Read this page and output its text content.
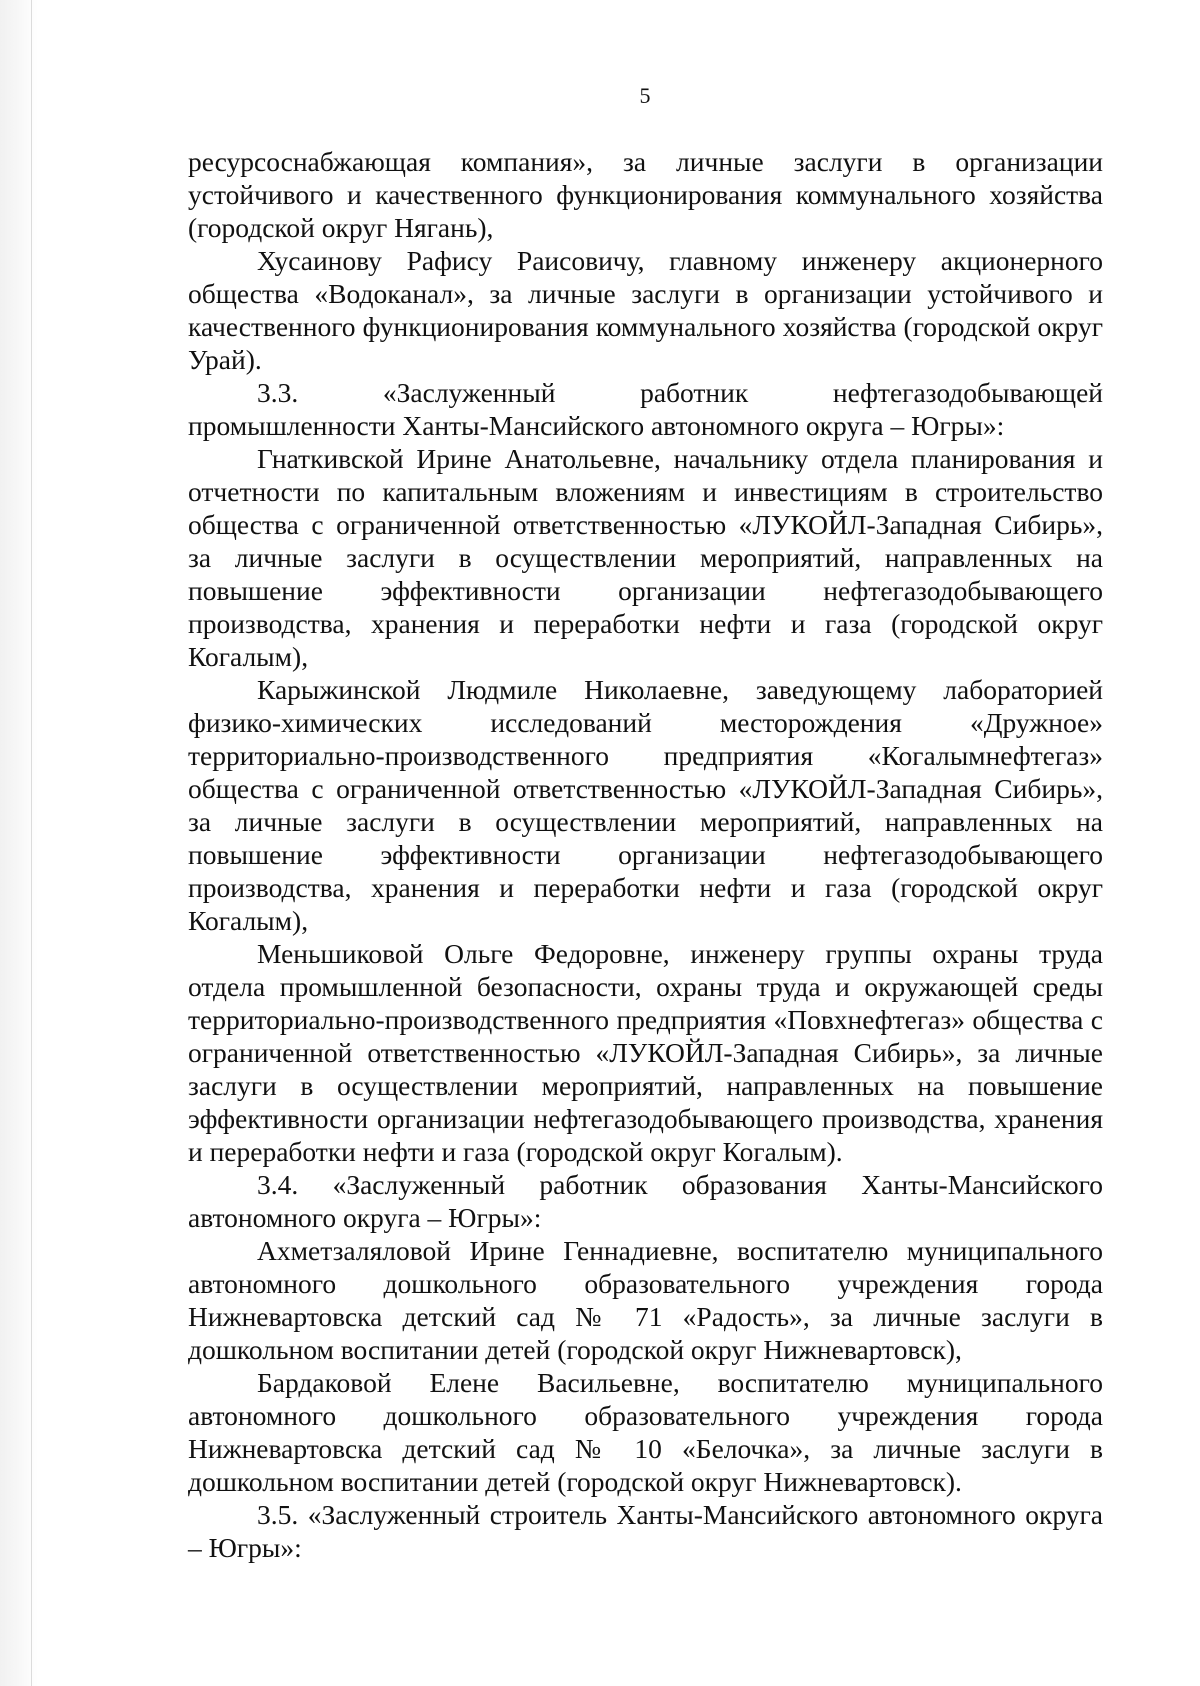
5

ресурсоснабжающая компания», за личные заслуги в организации устойчивого и качественного функционирования коммунального хозяйства (городской округ Нягань),

Хусаинову Рафису Раисовичу, главному инженеру акционерного общества «Водоканал», за личные заслуги в организации устойчивого и качественного функционирования коммунального хозяйства (городской округ Урай).

3.3.	«Заслуженный	работник	нефтегазодобывающей

промышленности Ханты-Мансийского автономного округа – Югры»:

Гнаткивской Ирине Анатольевне, начальнику отдела планирования и отчетности по капитальным вложениям и инвестициям в строительство общества с ограниченной ответственностью «ЛУКОЙЛ-Западная Сибирь», за личные заслуги в осуществлении мероприятий, направленных на повышение эффективности организации нефтегазодобывающего производства, хранения и переработки нефти и газа (городской округ Когалым),

Карыжинской Людмиле Николаевне, заведующему лабораторией физико-химических исследований месторождения «Дружное» территориально-производственного предприятия «Когалымнефтегаз» общества с ограниченной ответственностью «ЛУКОЙЛ-Западная Сибирь», за личные заслуги в осуществлении мероприятий, направленных на повышение эффективности организации нефтегазодобывающего производства, хранения и переработки нефти и газа (городской округ Когалым),

Меньшиковой Ольге Федоровне, инженеру группы охраны труда отдела промышленной безопасности, охраны труда и окружающей среды территориально-производственного предприятия «Повхнефтегаз» общества с ограниченной ответственностью «ЛУКОЙЛ-Западная Сибирь», за личные заслуги в осуществлении мероприятий, направленных на повышение эффективности организации нефтегазодобывающего производства, хранения и переработки нефти и газа (городской округ Когалым).

3.4. «Заслуженный работник образования Ханты-Мансийского автономного округа – Югры»:

Ахметзаляловой Ирине Геннадиевне, воспитателю муниципального автономного дошкольного образовательного учреждения города Нижневартовска детский сад № 71 «Радость», за личные заслуги в дошкольном воспитании детей (городской округ Нижневартовск),

Бардаковой Елене Васильевне, воспитателю муниципального автономного дошкольного образовательного учреждения города Нижневартовска детский сад № 10 «Белочка», за личные заслуги в дошкольном воспитании детей (городской округ Нижневартовск).

3.5. «Заслуженный строитель Ханты-Мансийского автономного округа – Югры»:
